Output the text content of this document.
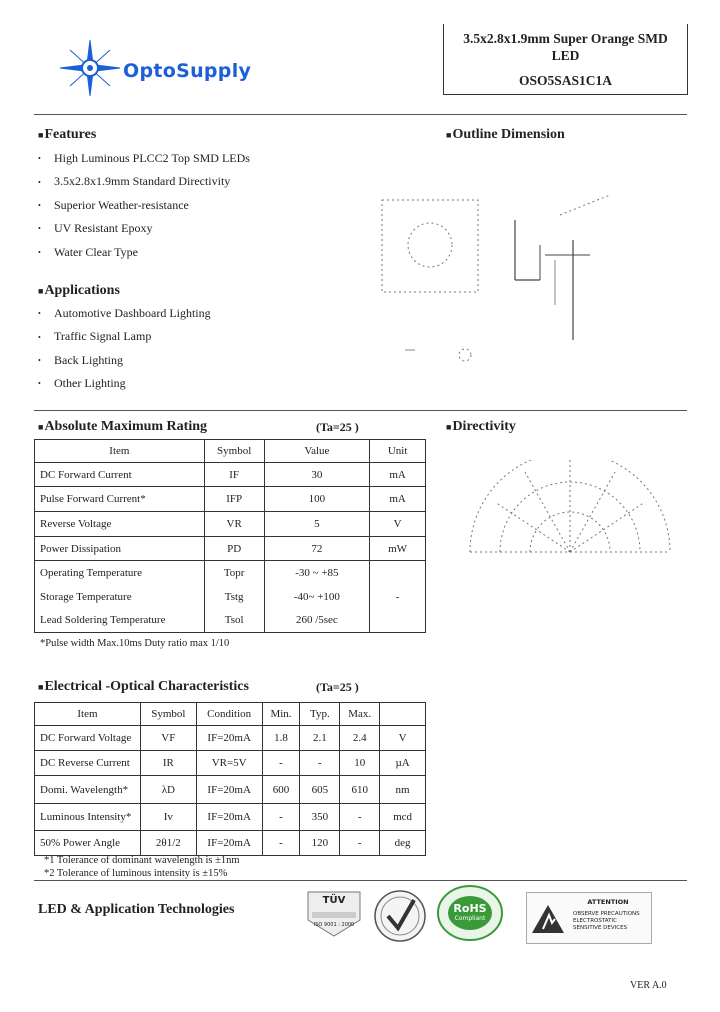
OptoSupply
3.5x2.8x1.9mm Super Orange SMD
LED
OSO5SAS1C1A
■Features
• High Luminous PLCC2 Top SMD LEDs
• 3.5x2.8x1.9mm Standard Directivity
• Superior Weather-resistance
• UV Resistant Epoxy
• Water Clear Type
■Applications
• Automotive Dashboard Lighting
• Traffic Signal Lamp
• Back Lighting
• Other Lighting
■Outline Dimension
■Absolute Maximum Rating	(Ta=25 )
Item	Symbol	Value	Unit
DC Forward Current	IF	30	mA
Pulse Forward Current*	IFP	100	mA
Reverse Voltage	VR	5	V
Power Dissipation	PD	72	mW
Operating Temperature	Topr	-30 ~ +85	-
Storage Temperature	Tstg	-40~ +100	
Lead Soldering Temperature	Tsol	260 /5sec	
*Pulse width Max.10ms Duty ratio max 1/10
■Directivity
■Electrical -Optical Characteristics	(Ta=25 )
Item	Symbol	Condition	Min.	Typ.	Max.	
DC Forward Voltage	VF	IF=20mA	1.8	2.1	2.4	V
DC Reverse Current	IR	VR=5V	-	-	10	µA
Domi. Wavelength*	λD	IF=20mA	600	605	610	nm
Luminous Intensity*	Iv	IF=20mA	-	350	-	mcd
50% Power Angle	2θ1/2	IF=20mA	-	120	-	deg
*1 Tolerance of dominant wavelength is ±1nm
*2 Tolerance of luminous intensity is ±15%
LED & Application Technologies
TÜV
ISO 9001 : 2000
RoHS
Compliant
ATTENTION
OBSERVE PRECAUTIONS
ELECTROSTATIC
SENSITIVE DEVICES
VER A.0
